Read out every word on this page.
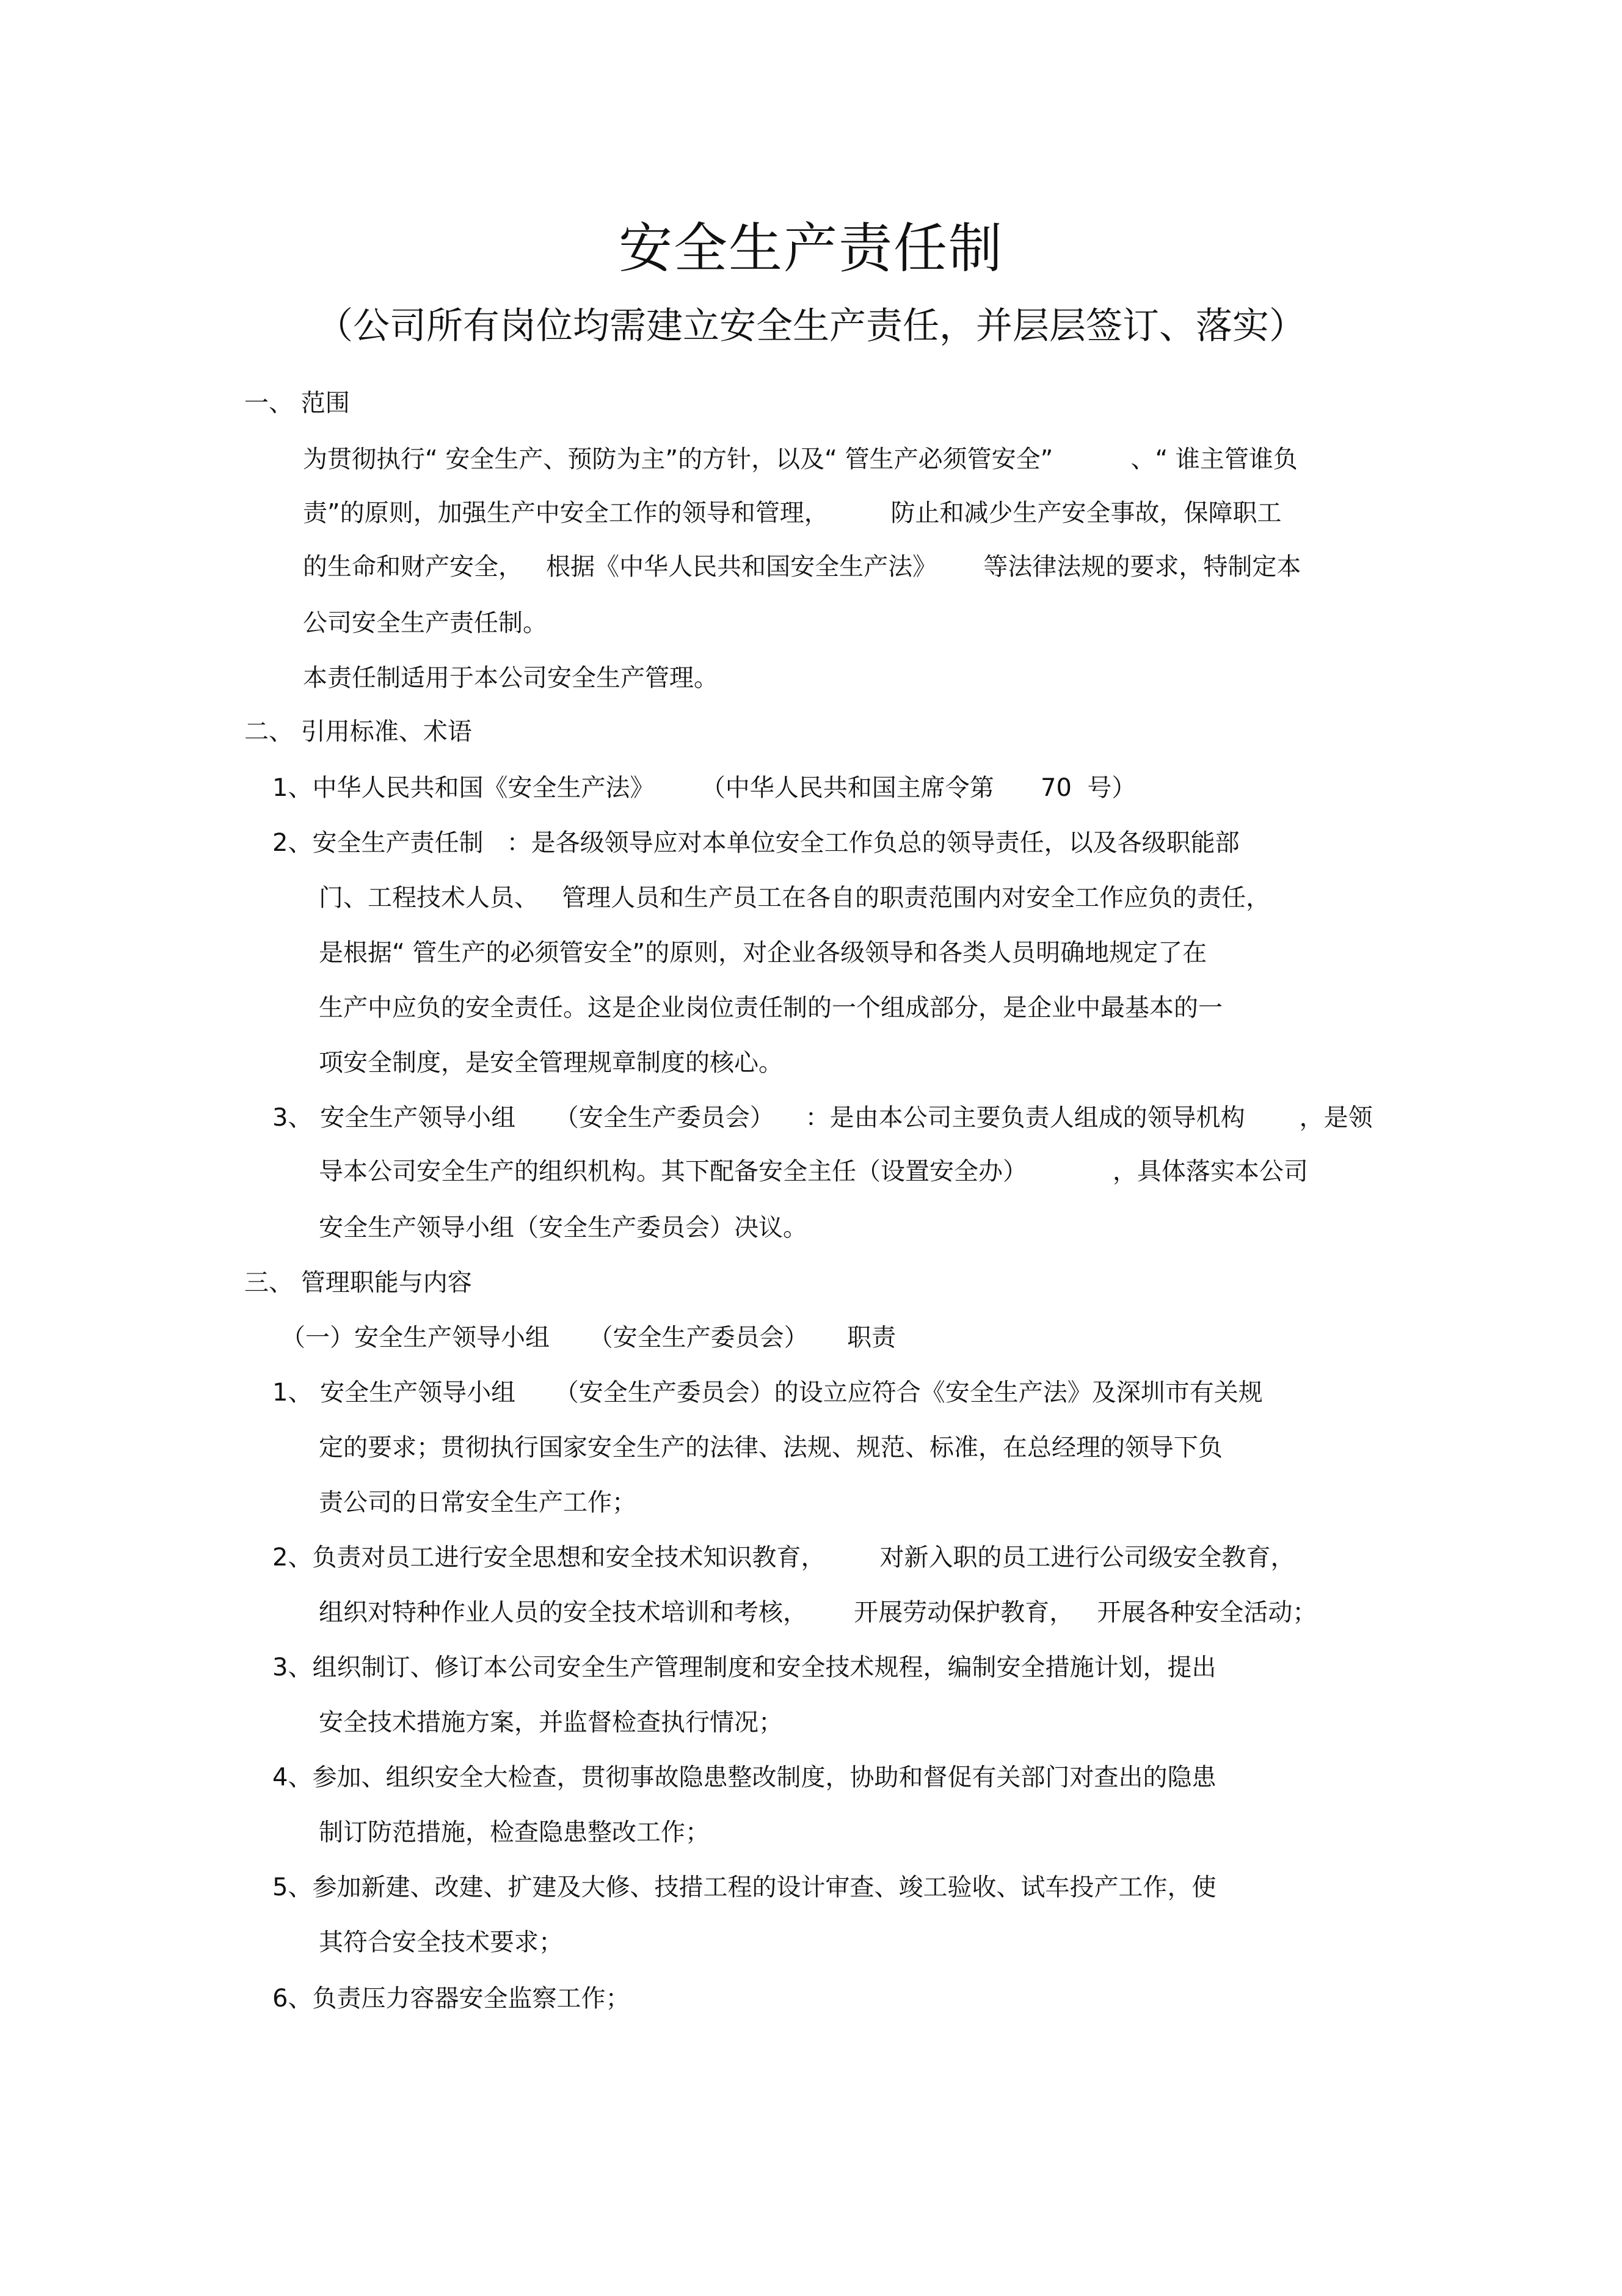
安全生产责任制
（公司所有岗位均需建立安全生产责任，并层层签订、落实）
一、 范围
为贯彻执行“ 安全生产、预防为主”的方针，以及“ 管生产必须管安全”          、“ 谁主管谁负
责”的原则，加强生产中安全工作的领导和管理，        防止和减少生产安全事故，保障职工
的生命和财产安全，   根据《中华人民共和国安全生产法》      等法律法规的要求，特制定本
公司安全生产责任制。
本责任制适用于本公司安全生产管理。
二、 引用标准、术语
1、中华人民共和国《安全生产法》      （中华人民共和国主席令第      70  号）
2、安全生产责任制   ：是各级领导应对本单位安全工作负总的领导责任，以及各级职能部
门、工程技术人员、   管理人员和生产员工在各自的职责范围内对安全工作应负的责任，
是根据“ 管生产的必须管安全”的原则，对企业各级领导和各类人员明确地规定了在
生产中应负的安全责任。这是企业岗位责任制的一个组成部分，是企业中最基本的一
项安全制度，是安全管理规章制度的核心。
3、 安全生产领导小组     （安全生产委员会）    ：是由本公司主要负责人组成的领导机构       ，是领
导本公司安全生产的组织机构。其下配备安全主任（设置安全办）           ，具体落实本公司
安全生产领导小组（安全生产委员会）决议。
三、 管理职能与内容
（一）安全生产领导小组     （安全生产委员会）     职责
1、 安全生产领导小组     （安全生产委员会）的设立应符合《安全生产法》及深圳市有关规
定的要求；贯彻执行国家安全生产的法律、法规、规范、标准，在总经理的领导下负
责公司的日常安全生产工作；
2、负责对员工进行安全思想和安全技术知识教育，       对新入职的员工进行公司级安全教育，
组织对特种作业人员的安全技术培训和考核，      开展劳动保护教育，   开展各种安全活动；
3、组织制订、修订本公司安全生产管理制度和安全技术规程，编制安全措施计划，提出
安全技术措施方案，并监督检查执行情况；
4、参加、组织安全大检查，贯彻事故隐患整改制度，协助和督促有关部门对查出的隐患
制订防范措施，检查隐患整改工作；
5、参加新建、改建、扩建及大修、技措工程的设计审查、竣工验收、试车投产工作，使
其符合安全技术要求；
6、负责压力容器安全监察工作；
